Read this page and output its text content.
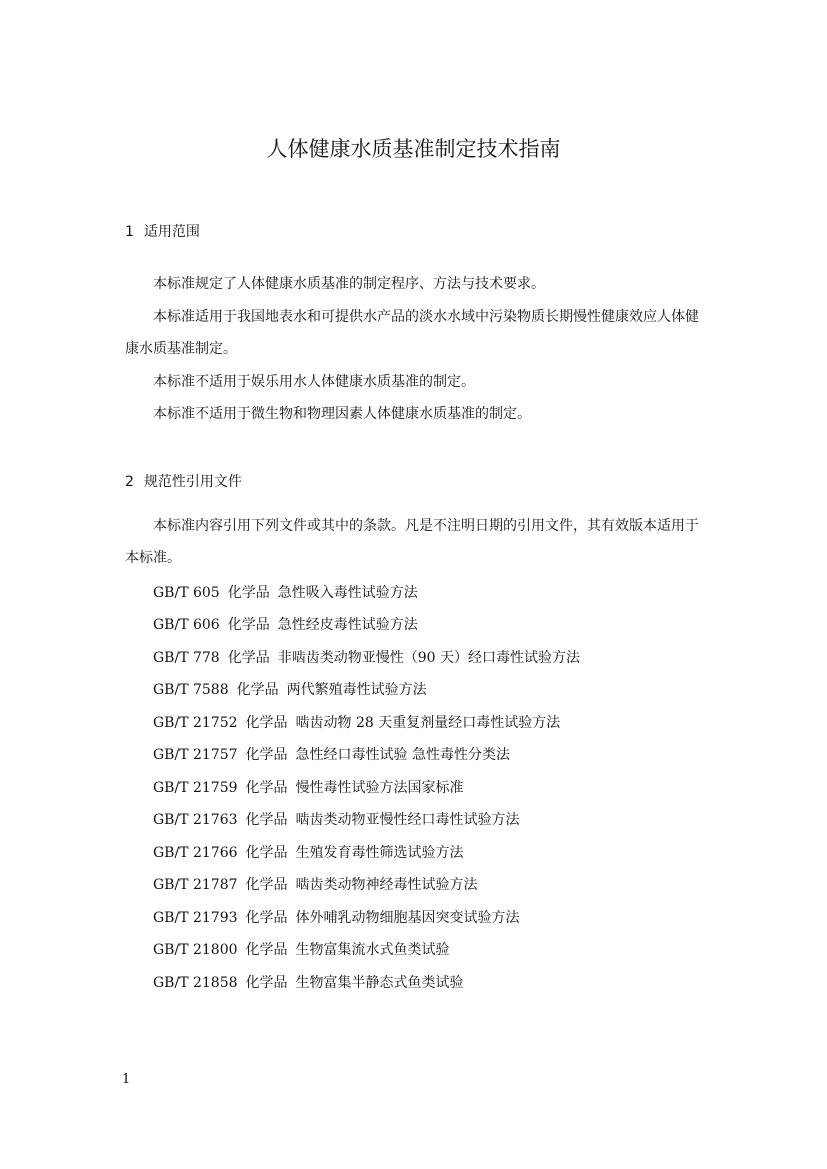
人体健康水质基准制定技术指南
1 适用范围

本标准规定了人体健康水质基准的制定程序、方法与技术要求。

本标准适用于我国地表水和可提供水产品的淡水水域中污染物质长期慢性健康效应人体健康水质基准制定。

本标准不适用于娱乐用水人体健康水质基准的制定。

本标准不适用于微生物和物理因素人体健康水质基准的制定。

2 规范性引用文件

本标准内容引用下列文件或其中的条款。凡是不注明日期的引用文件，其有效版本适用于本标准。

GB/T 605 化学品 急性吸入毒性试验方法
GB/T 606 化学品 急性经皮毒性试验方法
GB/T 778 化学品 非啮齿类动物亚慢性（90 天）经口毒性试验方法
GB/T 7588 化学品 两代繁殖毒性试验方法
GB/T 21752 化学品 啮齿动物 28 天重复剂量经口毒性试验方法
GB/T 21757 化学品 急性经口毒性试验 急性毒性分类法
GB/T 21759 化学品 慢性毒性试验方法国家标准
GB/T 21763 化学品 啮齿类动物亚慢性经口毒性试验方法
GB/T 21766 化学品 生殖发育毒性筛选试验方法
GB/T 21787 化学品 啮齿类动物神经毒性试验方法
GB/T 21793 化学品 体外哺乳动物细胞基因突变试验方法
GB/T 21800 化学品 生物富集流水式鱼类试验
GB/T 21858 化学品 生物富集半静态式鱼类试验
1
